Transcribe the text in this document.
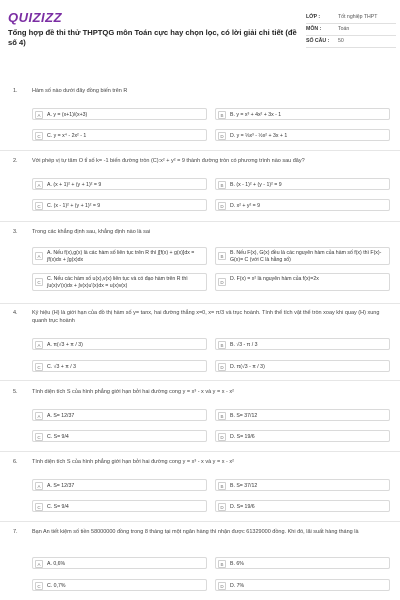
QUIZIZZ
Tổng hợp đề thi thử THPTQG môn Toán cực hay chọn lọc, có lời giải chi tiết (đề số 4)
LỚP :	Tốt nghiệp THPT
MÔN :	Toán
SỐ CÂU :	50
1.	Hàm số nào dưới đây đồng biến trên R
A	A. y = (x+1)/(x+3)	B	B. y = x³ + 4x² + 3x - 1
C	C. y = x⁴ - 2x² - 1	D	D. y = ⅓x³ - ½x² + 3x + 1
2.	Với phép vị tự tâm O tỉ số k= -1 biến đường tròn (C):x² + y² = 9 thành đường tròn có phương trình nào sau đây?
A	A. (x + 1)² + (y + 1)² = 9	B	B. (x - 1)² + (y - 1)² = 9
C	C. (x - 1)² + (y + 1)² = 9	D	D. x² + y² = 9
3.	Trong các khẳng định sau, khẳng định nào là sai
A
A. Nếu f(x),g(x) là các hàm số liên tục trên R thì ∫[f(x) + g(x)]dx = ∫f(x)dx + ∫g(x)dx	B
B. Nếu F(x), G(x) đều là các nguyên hàm của hàm số f(x) thì F(x)- G(x)= C (với C là hằng số)
C
C. Nếu các hàm số u(x),v(x) liên tục và có đạo hàm trên R thì ∫u(x)v'(x)dx + ∫v(x)u'(x)dx = u(x)v(x)	D
D. F(x) = x² là nguyên hàm của f(x)=2x
4.	Ký hiệu (H) là giới hạn của đồ thị hàm số y= tanx, hai đường thẳng x=0, x= π/3 và trục hoành. Tính thể tích vật thể tròn xoay khi quay (H) xung quanh trục hoành
A	A. π(√3 + π / 3)	B	B. √3 - π / 3
C	C. √3 + π / 3	D	D. π(√3 - π / 3)
5.	Tính diện tích S của hình phẳng giới hạn bởi hai đường cong y = x³ - x và y = x - x²
A	A. S= 12/37	B	B. S= 37/12
C	C. S= 9/4	D	D. S= 19/6
6.	Tính diện tích S của hình phẳng giới hạn bởi hai đường cong y = x³ - x và y = x - x²
A	A. S= 12/37	B	B. S= 37/12
C	C. S= 9/4	D	D. S= 19/6
7.	Bạn An tiết kiệm số tiền 58000000 đồng trong 8 tháng tại một ngân hàng thì nhận được 61329000 đồng. Khi đó, lãi suất hàng tháng là
A	A. 0,6%	B	B. 6%
C	C. 0,7%	D	D. 7%
